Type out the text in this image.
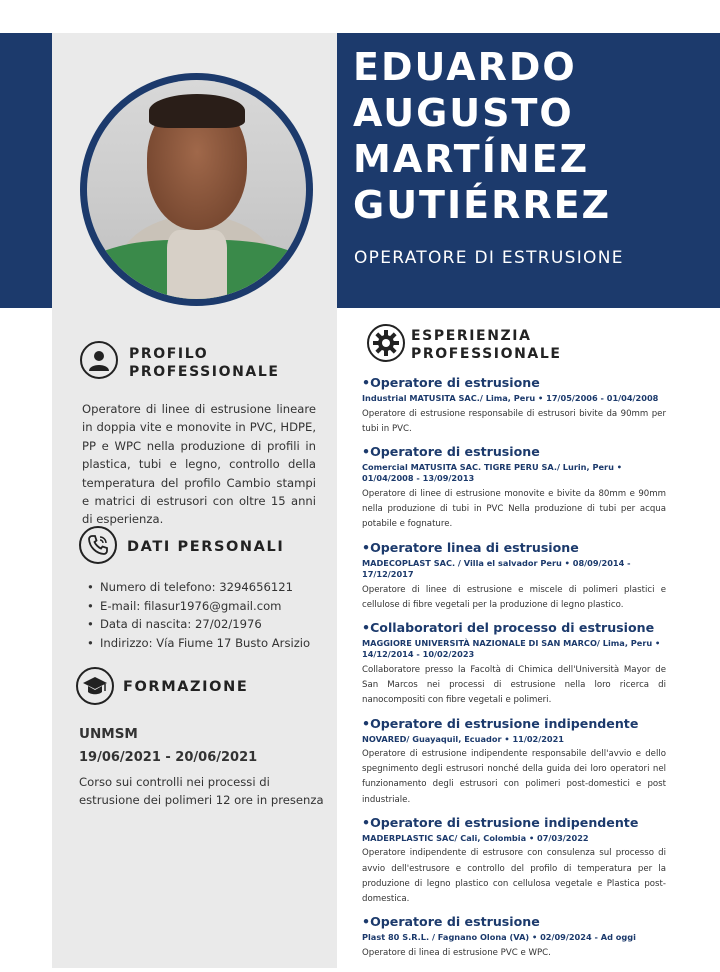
EDUARDO
AUGUSTO
MARTÍNEZ
GUTIÉRREZ
OPERATORE DI ESTRUSIONE
PROFILO
PROFESSIONALE
Operatore di linee di estrusione lineare in doppia vite e monovite in PVC, HDPE, PP e WPC nella produzione di profili in plastica, tubi e legno, controllo della temperatura del profilo Cambio stampi e matrici di estrusori con oltre 15 anni di esperienza.
DATI PERSONALI
• Numero di telefono: 3294656121
• E-mail: filasur1976@gmail.com
• Data di nascita: 27/02/1976
• Indirizzo: Vía Fiume 17 Busto Arsizio
FORMAZIONE
UNMSM
19/06/2021 - 20/06/2021
Corso sui controlli nei processi di estrusione dei polimeri 12 ore in presenza
ESPERIENZIA
PROFESSIONALE
• Operatore di estrusione
Industrial MATUSITA SAC./ Lima, Peru • 17/05/2006 - 01/04/2008
Operatore di estrusione responsabile di estrusori bivite da 90mm per tubi in PVC.
• Operatore di estrusione
Comercial MATUSITA SAC. TIGRE PERU SA./ Lurin, Peru • 01/04/2008 - 13/09/2013
Operatore di linee di estrusione monovite e bivite da 80mm e 90mm nella produzione di tubi in PVC Nella produzione di tubi per acqua potabile e fognature.
• Operatore linea di estrusione
MADECOPLAST SAC. / Villa el salvador Peru • 08/09/2014 - 17/12/2017
Operatore di linee di estrusione e miscele di polimeri plastici e cellulose di fibre vegetali per la produzione di legno plastico.
• Collaboratori del processo di estrusione
MAGGIORE UNIVERSITÀ NAZIONALE DI SAN MARCO/ Lima, Peru • 14/12/2014 - 10/02/2023
Collaboratore presso la Facoltà di Chimica dell'Università Mayor de San Marcos nei processi di estrusione nella loro ricerca di nanocompositi con fibre vegetali e polimeri.
• Operatore di estrusione indipendente
NOVARED/ Guayaquil, Ecuador • 11/02/2021
Operatore di estrusione indipendente responsabile dell'avvio e dello spegnimento degli estrusori nonché della guida dei loro operatori nel funzionamento degli estrusori con polimeri post-domestici e post industriale.
• Operatore di estrusione indipendente
MADERPLASTIC SAC/ Cali, Colombia • 07/03/2022
Operatore indipendente di estrusore con consulenza sul processo di avvio dell'estrusore e controllo del profilo di temperatura per la produzione di legno plastico con cellulosa vegetale e Plastica post-domestica.
• Operatore di estrusione
Plast 80 S.R.L. / Fagnano Olona (VA) • 02/09/2024 - Ad oggi
Operatore di linea di estrusione PVC e WPC.
